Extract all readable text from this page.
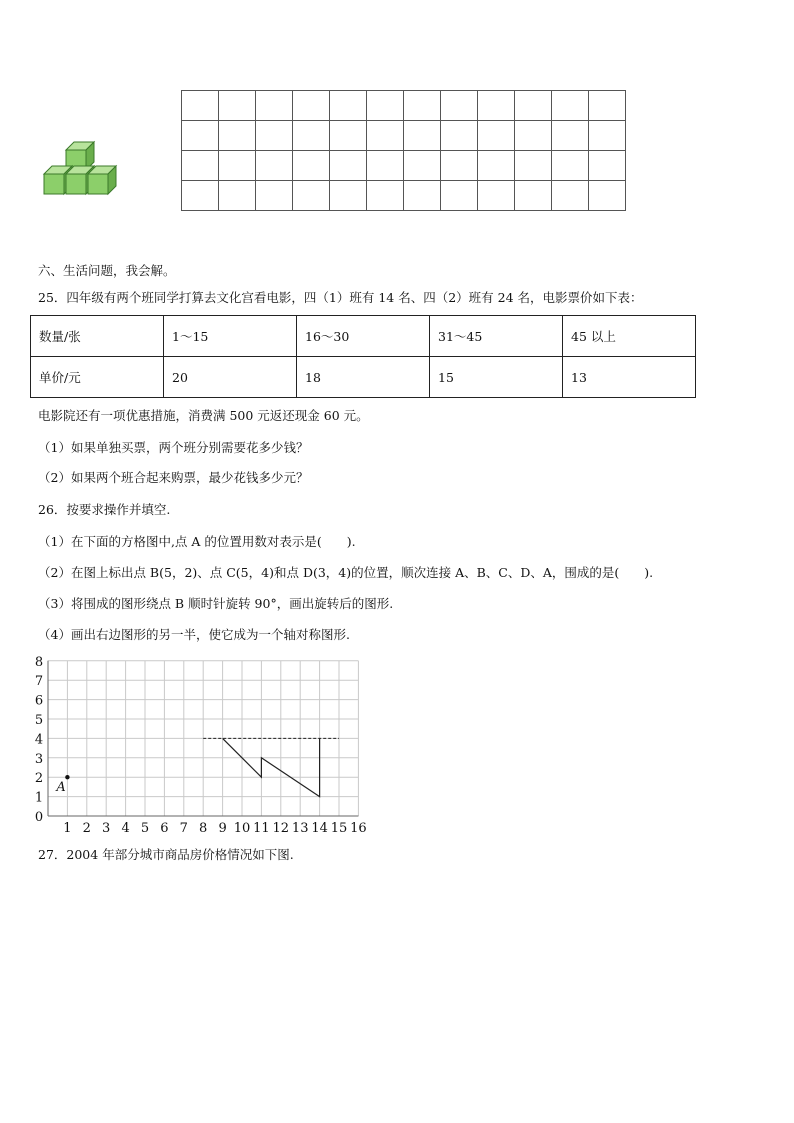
六、生活问题，我会解。
25．四年级有两个班同学打算去文化宫看电影，四（1）班有 14 名、四（2）班有 24 名，电影票价如下表：
数量/张	1～15	16～30	31～45	45 以上
单价/元	20	18	15	13
电影院还有一项优惠措施，消费满 500 元返还现金 60 元。
（1）如果单独买票，两个班分别需要花多少钱？
（2）如果两个班合起来购票，最少花钱多少元？
26．按要求操作并填空.
（1）在下面的方格图中,点 A 的位置用数对表示是(　　).
（2）在图上标出点 B(5，2)、点 C(5，4)和点 D(3，4)的位置，顺次连接 A、B、C、D、A，围成的是(　　).
（3）将围成的图形绕点 B 顺时针旋转 90°，画出旋转后的图形.
（4）画出右边图形的另一半，使它成为一个轴对称图形.
1 2 3 4 5 6 7 8 9 10 11 12 13 14 15 16
0
1
2
3
4
5
6
7
8
A
27．2004 年部分城市商品房价格情况如下图.
